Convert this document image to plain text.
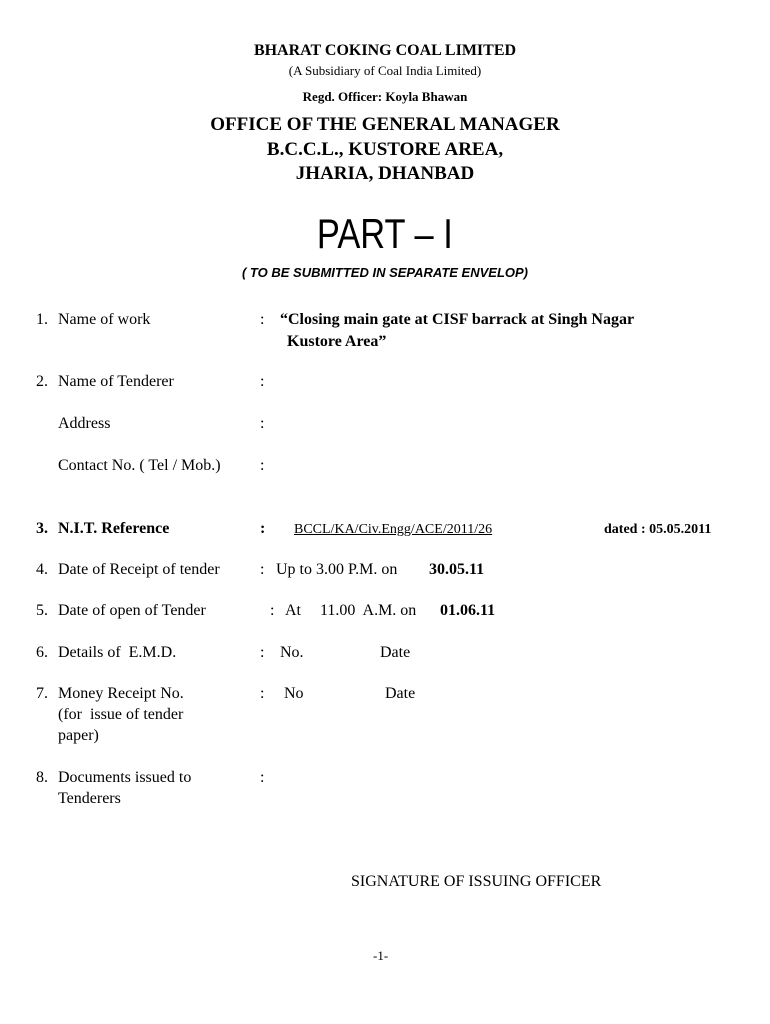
BHARAT COKING COAL LIMITED
(A Subsidiary of Coal India Limited)
Regd. Officer: Koyla Bhawan
OFFICE OF THE GENERAL MANAGER
B.C.C.L., KUSTORE AREA,
JHARIA, DHANBAD
PART – I
( TO BE SUBMITTED IN SEPARATE ENVELOP)
1. Name of work	: “Closing main gate at CISF barrack at Singh Nagar
Kustore Area”
2. Name of Tenderer	:
Address	:
Contact No. ( Tel / Mob.) :
3. N.I.T. Reference	: BCCL/KA/Civ.Engg/ACE/2011/26	dated : 05.05.2011
4. Date of Receipt of tender	: Up to 3.00 P.M. on 30.05.11
5. Date of open of Tender	: At 11.00  A.M. on 01.06.11
6. Details of  E.M.D.	: No.	Date
7. Money Receipt No.
(for  issue of tender
paper)
: No	Date
8. Documents issued to
Tenderers
:
SIGNATURE OF ISSUING OFFICER
-1-
